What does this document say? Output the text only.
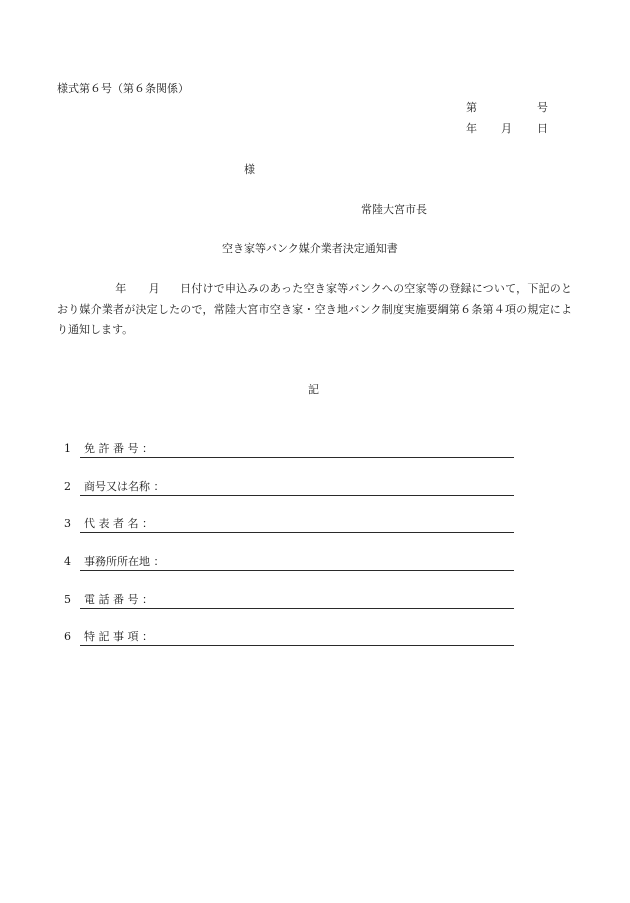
様式第６号（第６条関係）
第	号
年 月 日
様
常陸大宮市長
空き家等バンク媒介業者決定通知書
年 月 日付けで申込みのあった空き家等バンクへの空家等の登録について，下記のとおり媒介業者が決定したので，常陸大宮市空き家・空き地バンク制度実施要綱第６条第４項の規定により通知します。
記
1 免 許 番 号 ：
2 商号又は名称 ：
3 代 表 者 名 ：
4 事務所所在地 ：
5 電 話 番 号 ：
6 特 記 事 項 ：
